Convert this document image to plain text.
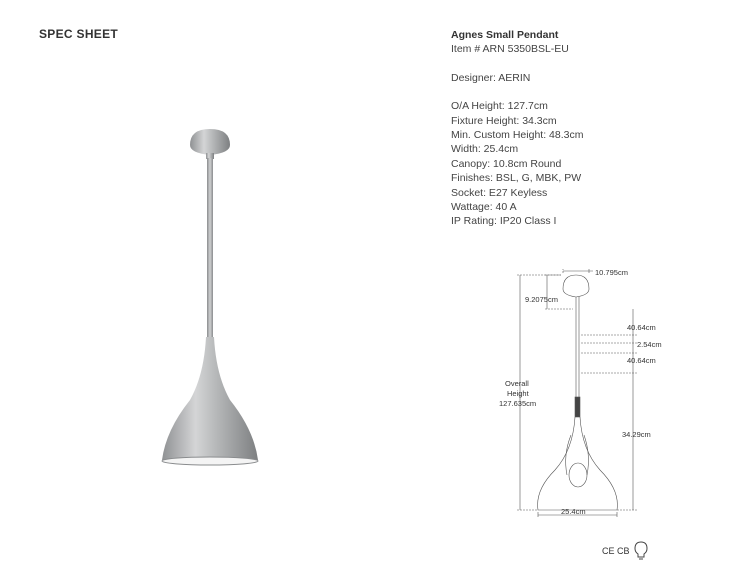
SPEC SHEET	Agnes Small Pendant
Item # ARN 5350BSL-EU
Designer: AERIN
O/A Height: 127.7cm
Fixture Height: 34.3cm
Min. Custom Height: 48.3cm
Width: 25.4cm
Canopy: 10.8cm Round
Finishes: BSL, G, MBK, PW
Socket: E27 Keyless
Wattage: 40 A
IP Rating: IP20 Class I
10.795cm
9.2075cm
40.64cm
2.54cm
40.64cm
34.29cm
Overall
Height
127.635cm
25.4cm
CE CB
